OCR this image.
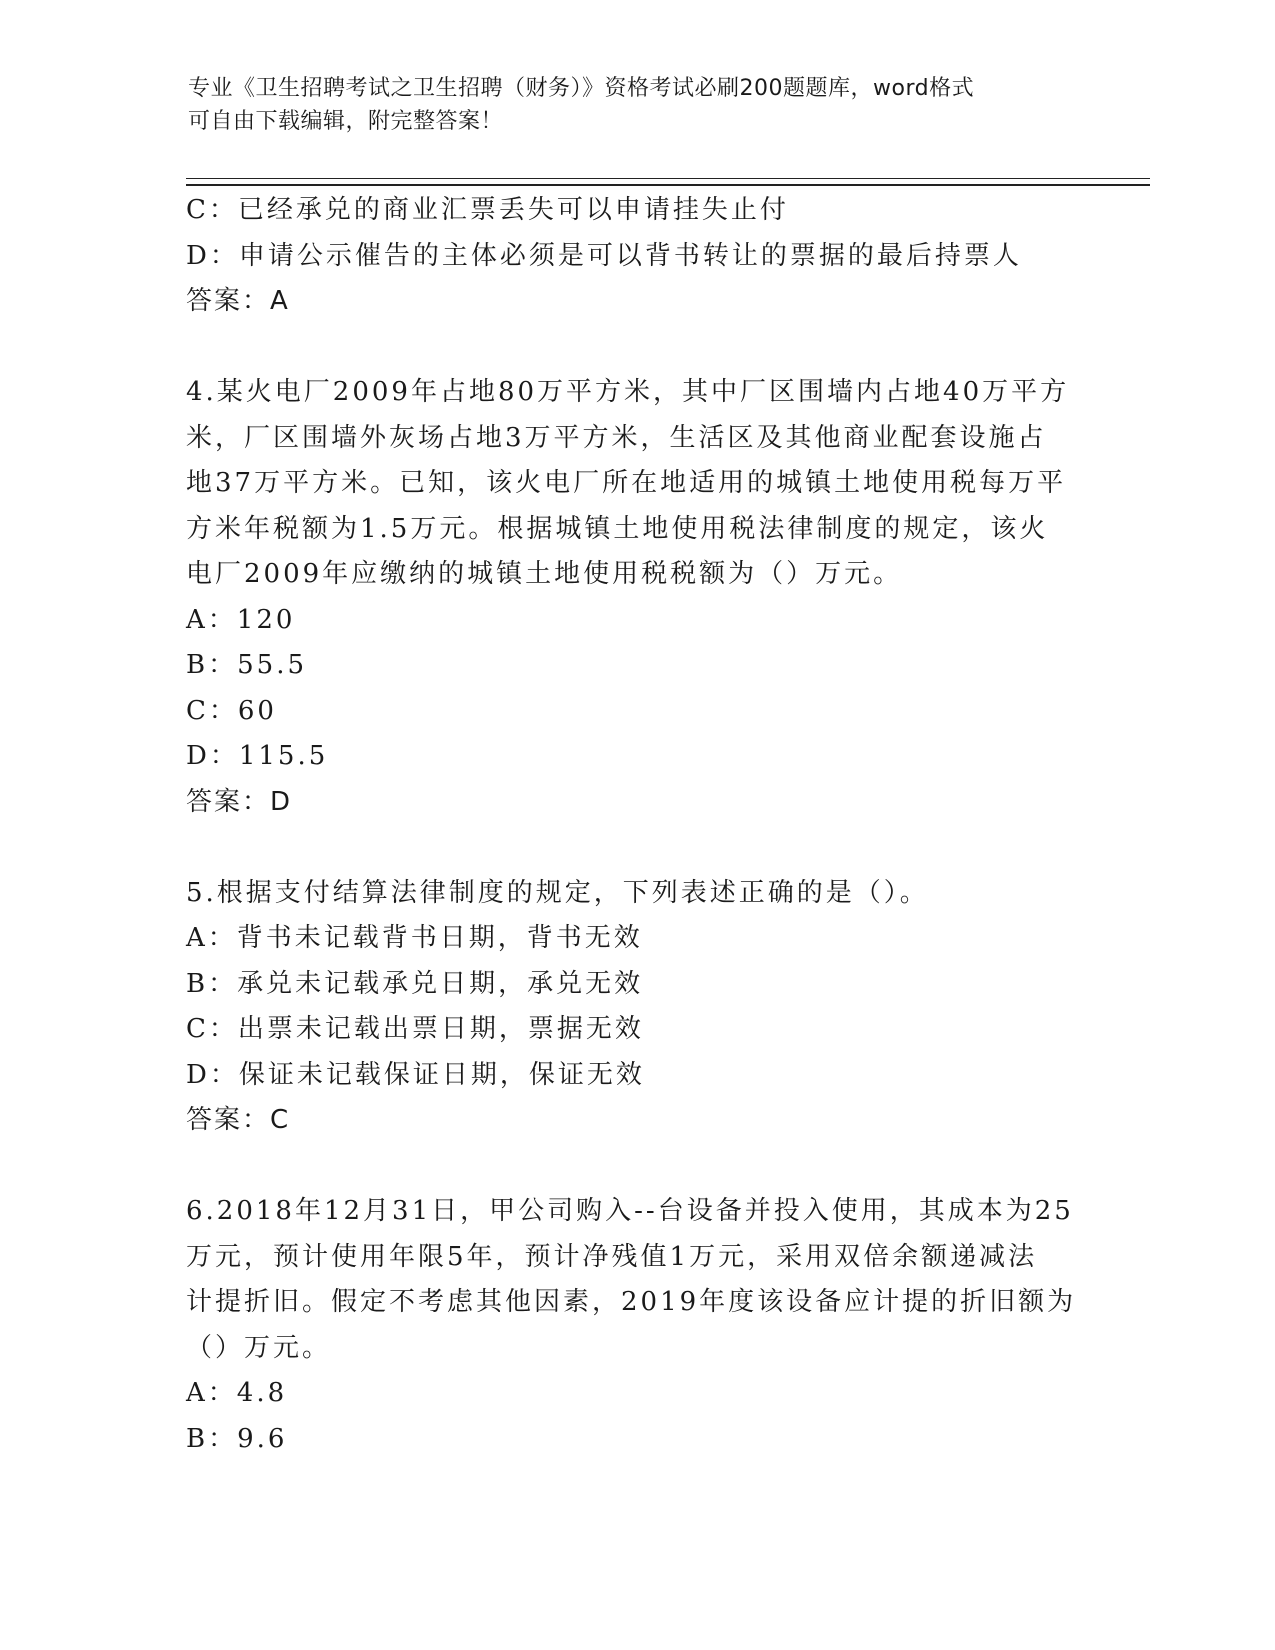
专业《卫生招聘考试之卫生招聘（财务）》资格考试必刷200题题库，word格式
可自由下载编辑，附完整答案！
C：已经承兑的商业汇票丢失可以申请挂失止付
D：申请公示催告的主体必须是可以背书转让的票据的最后持票人
答案：A
4.某火电厂2009年占地80万平方米，其中厂区围墙内占地40万平方
米，厂区围墙外灰场占地3万平方米，生活区及其他商业配套设施占
地37万平方米。已知，该火电厂所在地适用的城镇土地使用税每万平
方米年税额为1.5万元。根据城镇土地使用税法律制度的规定，该火
电厂2009年应缴纳的城镇土地使用税税额为（）万元。
A：120
B：55.5
C：60
D：115.5
答案：D
5.根据支付结算法律制度的规定，下列表述正确的是（）。
A：背书未记载背书日期，背书无效
B：承兑未记载承兑日期，承兑无效
C：出票未记载出票日期，票据无效
D：保证未记载保证日期，保证无效
答案：C
6.2018年12月31日，甲公司购入--台设备并投入使用，其成本为25
万元，预计使用年限5年，预计净残值1万元，采用双倍余额递减法
计提折旧。假定不考虑其他因素，2019年度该设备应计提的折旧额为
（）万元。
A：4.8
B：9.6
